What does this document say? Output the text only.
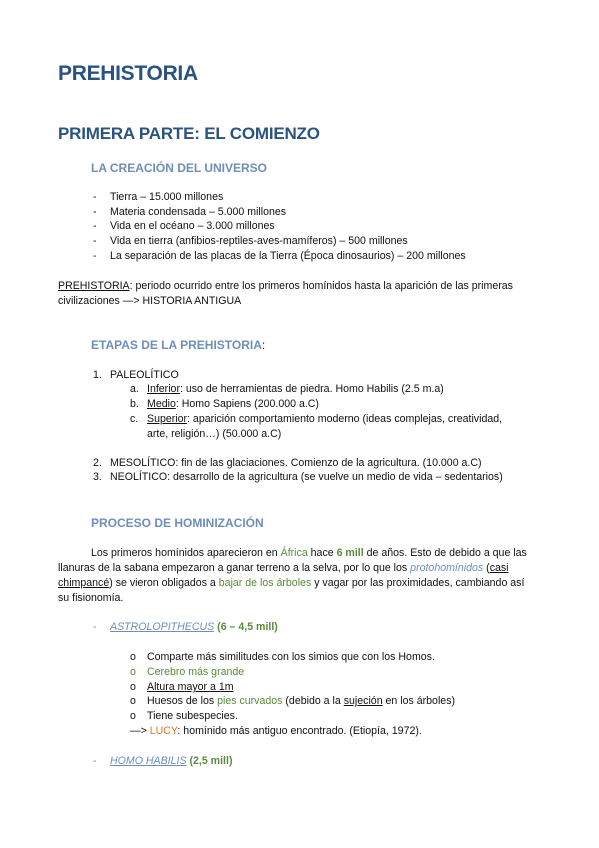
PREHISTORIA
PRIMERA PARTE: EL COMIENZO
LA CREACIÓN DEL UNIVERSO
- Tierra – 15.000 millones
- Materia condensada – 5.000 millones
- Vida en el océano – 3.000 millones
- Vida en tierra (anfibios-reptiles-aves-mamíferos) – 500 millones
- La separación de las placas de la Tierra (Época dinosaurios) – 200 millones
PREHISTORIA: periodo ocurrido entre los primeros homínidos hasta la aparición de las primeras
civilizaciones —> HISTORIA ANTIGUA
ETAPAS DE LA PREHISTORIA:
1. PALEOLÍTICO
a. Inferior: uso de herramientas de piedra. Homo Habilis (2.5 m.a)
b. Medio: Homo Sapiens (200.000 a.C)
c. Superior: aparición comportamiento moderno (ideas complejas, creatividad,
arte, religión…) (50.000 a.C)
2. MESOLÍTICO: fin de las glaciaciones. Comienzo de la agricultura. (10.000 a.C)
3. NEOLÍTICO: desarrollo de la agricultura (se vuelve un medio de vida – sedentarios)
PROCESO DE HOMINIZACIÓN
Los primeros homínidos aparecieron en África hace 6 mill de años. Esto de debido a que las
llanuras de la sabana empezaron a ganar terreno a la selva, por lo que los protohomínidos (casi
chimpancé) se vieron obligados a bajar de los árboles y vagar por las proximidades, cambiando así
su fisionomía.
- ASTROLOPITHECUS (6 – 4,5 mill)
o Comparte más similitudes con los simios que con los Homos.
o Cerebro más grande
o Altura mayor a 1m
o Huesos de los pies curvados (debido a la sujeción en los árboles)
o Tiene subespecies.
—> LUCY: homínido más antiguo encontrado. (Etiopía, 1972).
- HOMO HABILIS (2,5 mill)
